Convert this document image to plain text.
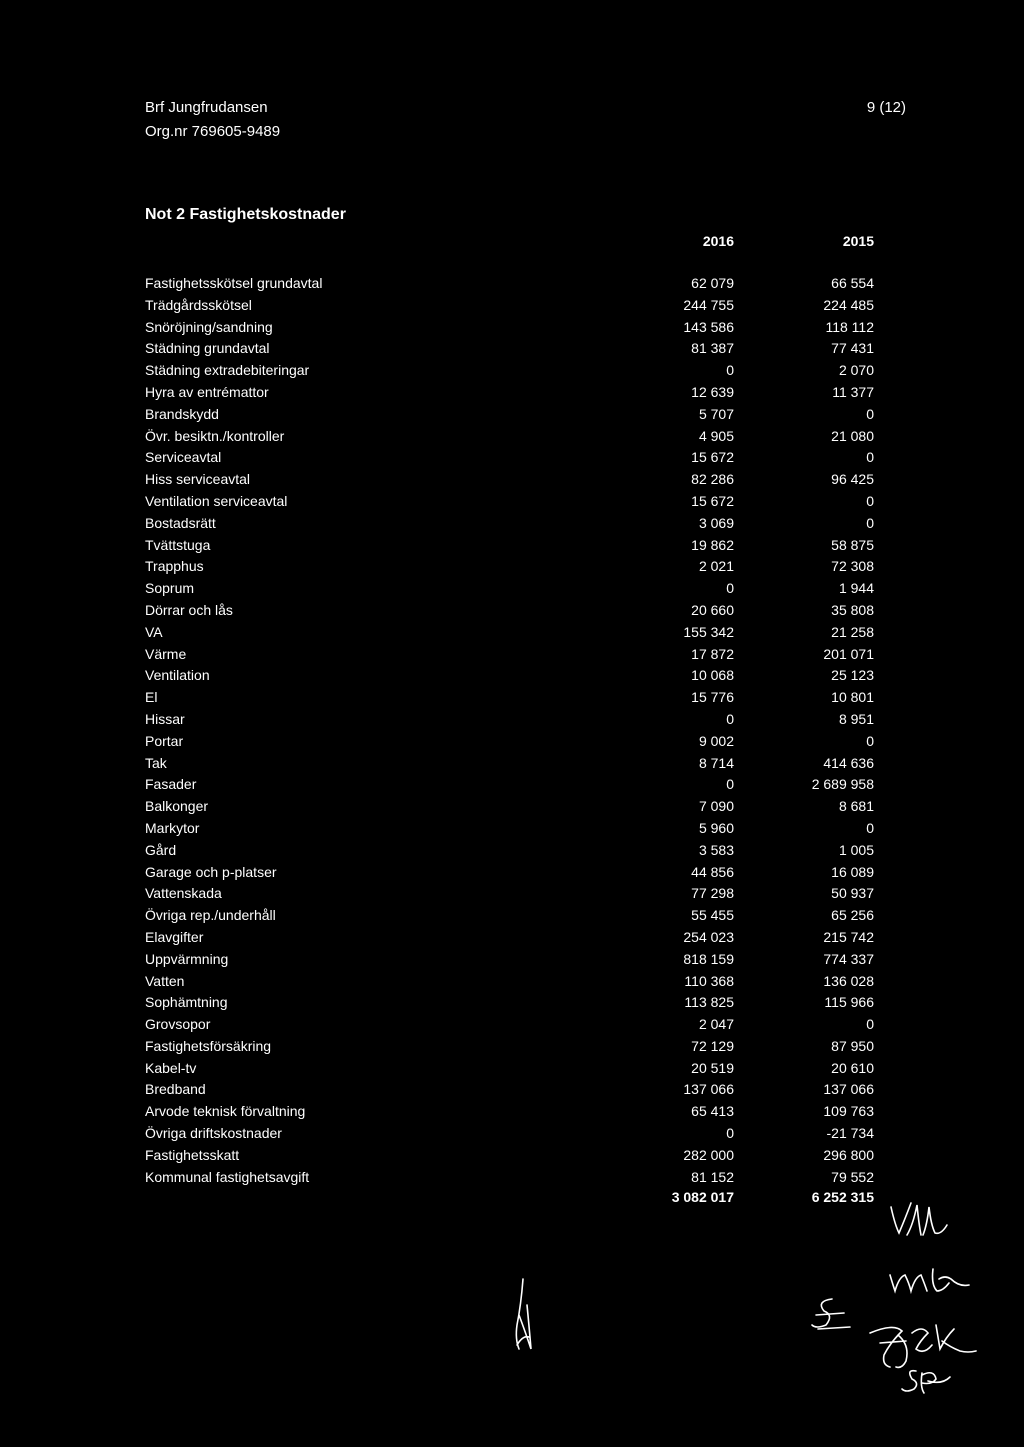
Brf Jungfrudansen
Org.nr 769605-9489
9 (12)
Not 2 Fastighetskostnader
2016	2015
Fastighetsskötsel grundavtal	62 079	66 554
Trädgårdsskötsel	244 755	224 485
Snöröjning/sandning	143 586	118 112
Städning grundavtal	81 387	77 431
Städning extradebiteringar	0	2 070
Hyra av entrémattor	12 639	11 377
Brandskydd	5 707	0
Övr. besiktn./kontroller	4 905	21 080
Serviceavtal	15 672	0
Hiss serviceavtal	82 286	96 425
Ventilation serviceavtal	15 672	0
Bostadsrätt	3 069	0
Tvättstuga	19 862	58 875
Trapphus	2 021	72 308
Soprum	0	1 944
Dörrar och lås	20 660	35 808
VA	155 342	21 258
Värme	17 872	201 071
Ventilation	10 068	25 123
El	15 776	10 801
Hissar	0	8 951
Portar	9 002	0
Tak	8 714	414 636
Fasader	0	2 689 958
Balkonger	7 090	8 681
Markytor	5 960	0
Gård	3 583	1 005
Garage och p-platser	44 856	16 089
Vattenskada	77 298	50 937
Övriga rep./underhåll	55 455	65 256
Elavgifter	254 023	215 742
Uppvärmning	818 159	774 337
Vatten	110 368	136 028
Sophämtning	113 825	115 966
Grovsopor	2 047	0
Fastighetsförsäkring	72 129	87 950
Kabel-tv	20 519	20 610
Bredband	137 066	137 066
Arvode teknisk förvaltning	65 413	109 763
Övriga driftskostnader	0	-21 734
Fastighetsskatt	282 000	296 800
Kommunal fastighetsavgift	81 152	79 552
3 082 017	6 252 315
